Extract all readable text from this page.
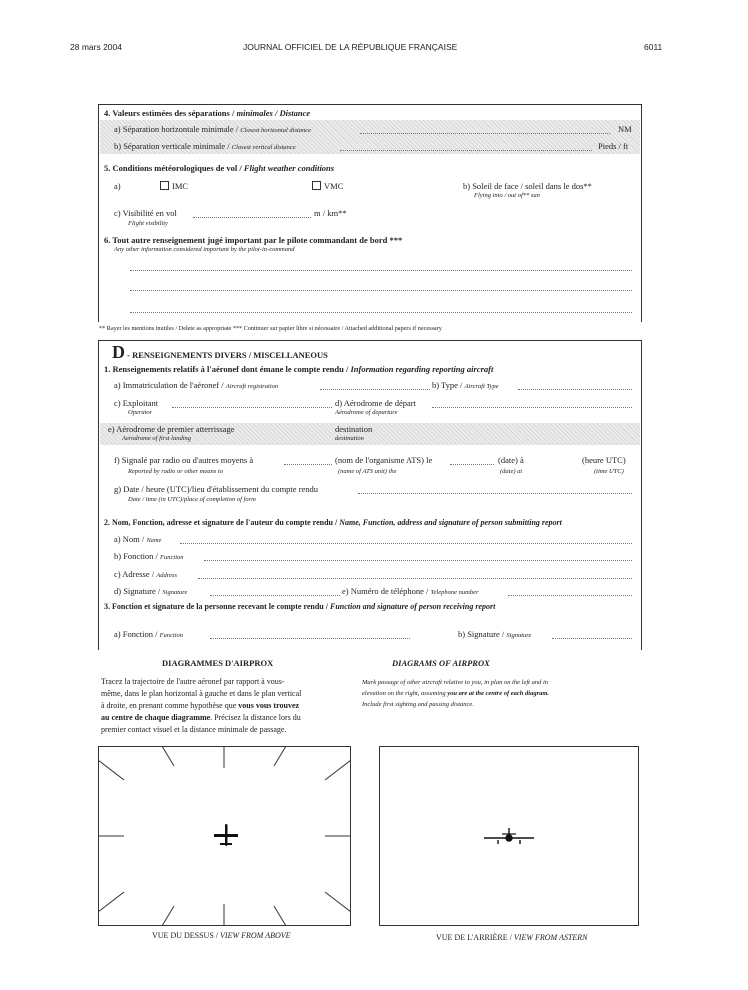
28 mars 2004	JOURNAL OFFICIEL DE LA RÉPUBLIQUE FRANÇAISE	6011
4. Valeurs estimées des séparations / minimales / Distance
a) Séparation horizontale minimale / Closest horizontal distance	NM
b) Séparation verticale minimale / Closest vertical distance	Pieds / ft
5. Conditions météorologiques de vol / Flight weather conditions
a)	IMC	VMC	b) Soleil de face / soleil dans le dos**
Flying into / out of** sun
c) Visibilité en vol	m / km**
Flight visibility
6. Tout autre renseignement jugé important par le pilote commandant de bord ***
Any other information considered important by the pilot-in-command
** Rayer les mentions inutiles / Delete as appropriate *** Continuer sur papier libre si nécessaire / Attached additional papers if necessary
D - RENSEIGNEMENTS DIVERS / MISCELLANEOUS
1. Renseignements relatifs à l'aéronef dont émane le compte rendu / Information regarding reporting aircraft
a) Immatriculation de l'aéronef / Aircraft registration	b) Type / Aircraft Type
c) Exploitant
Operator
d) Aérodrome de départ
Aérodrome of departure
e) Aérodrome de premier atterrissage
Aerodrome of first landing
destination
destination
f) Signalé par radio ou d'autres moyens à	(nom de l'organisme ATS) le	(date) à	(heure UTC)
Reported by radio or other means to	(name of ATS unit) the	(date) at	(time UTC)
g) Date / heure (UTC)/lieu d'établissement du compte rendu
Date / time (in UTC)/place of completion of form
2. Nom, Fonction, adresse et signature de l'auteur du compte rendu / Name, Function, address and signature of person submitting report
a) Nom / Name
b) Fonction / Function
c) Adresse / Address
d) Signature / Signature	e) Numéro de téléphone / Telephone number
3. Fonction et signature de la personne recevant le compte rendu / Function and signature of person receiving report
a) Fonction / Function	b) Signature / Signature
DIAGRAMMES D'AIRPROX	DIAGRAMS OF AIRPROX
Tracez la trajectoire de l'autre aéronef par rapport à vous-
même, dans le plan horizontal à gauche et dans le plan vertical
à droite, en prenant comme hypothèse que vous vous trouvez
au centre de chaque diagramme. Précisez la distance lors du
premier contact visuel et la distance minimale de passage.
Mark passage of other aircraft relative to you, in plan on the left and in
elevation on the right, assuming you are at the centre of each diagram.
Include first sighting and passing distance.
VUE DU DESSUS / VIEW FROM ABOVE	VUE DE L'ARRIÈRE / VIEW FROM ASTERN
